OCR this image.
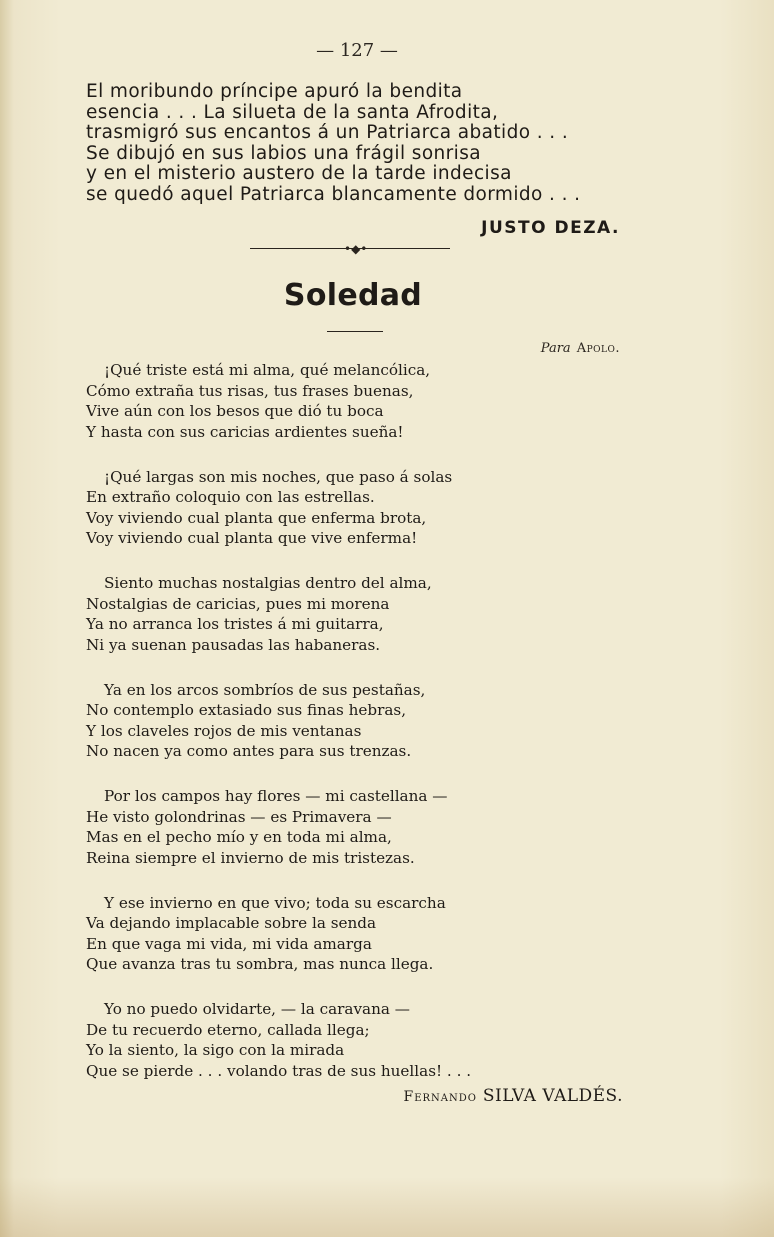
— 127 —
El moribundo príncipe apuró la bendita
esencia . . . La silueta de la santa Afrodita,
trasmigró sus encantos á un Patriarca abatido . . .
Se dibujó en sus labios una frágil sonrisa
y en el misterio austero de la tarde indecisa
se quedó aquel Patriarca blancamente dormido . . .
JUSTO DEZA.
•◆•
Soledad
Para Apolo.
¡Qué triste está mi alma, qué melancólica,
Cómo extraña tus risas, tus frases buenas,
Vive aún con los besos que dió tu boca
Y hasta con sus caricias ardientes sueña!
¡Qué largas son mis noches, que paso á solas
En extraño coloquio con las estrellas.
Voy viviendo cual planta que enferma brota,
Voy viviendo cual planta que vive enferma!
Siento muchas nostalgias dentro del alma,
Nostalgias de caricias, pues mi morena
Ya no arranca los tristes á mi guitarra,
Ni ya suenan pausadas las habaneras.
Ya en los arcos sombríos de sus pestañas,
No contemplo extasiado sus finas hebras,
Y los claveles rojos de mis ventanas
No nacen ya como antes para sus trenzas.
Por los campos hay flores — mi castellana —
He visto golondrinas — es Primavera —
Mas en el pecho mío y en toda mi alma,
Reina siempre el invierno de mis tristezas.
Y ese invierno en que vivo; toda su escarcha
Va dejando implacable sobre la senda
En que vaga mi vida, mi vida amarga
Que avanza tras tu sombra, mas nunca llega.
Yo no puedo olvidarte, — la caravana —
De tu recuerdo eterno, callada llega;
Yo la siento, la sigo con la mirada
Que se pierde . . . volando tras de sus huellas! . . .
Fernando SILVA VALDÉS.
